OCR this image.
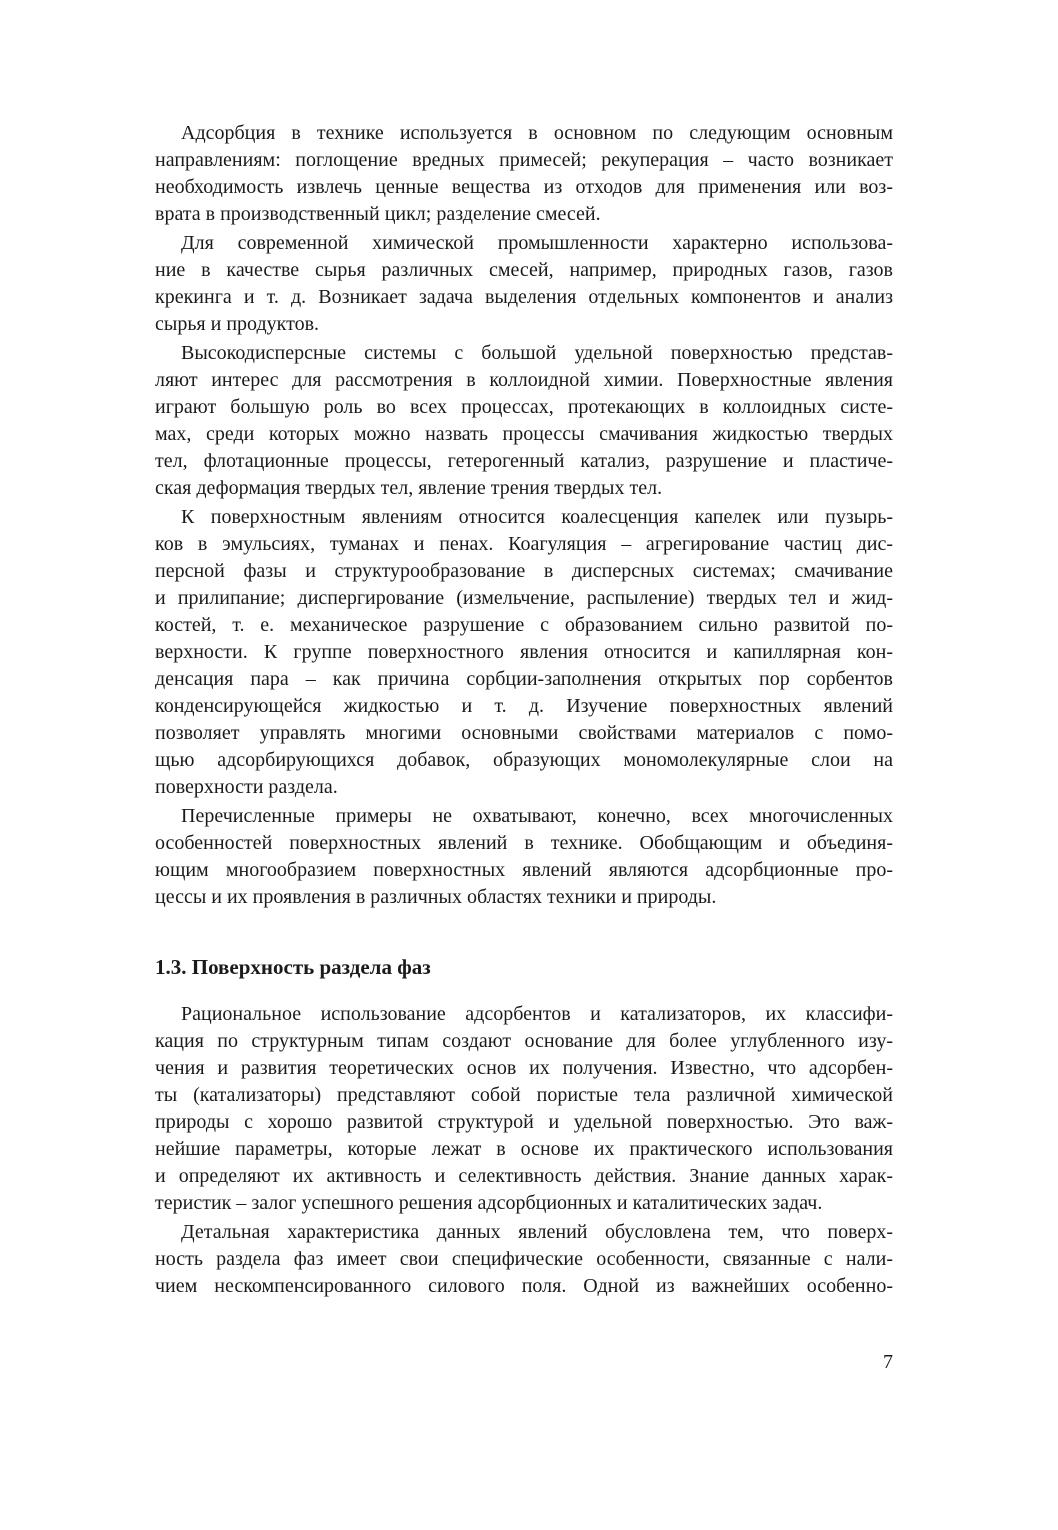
Адсорбция в технике используется в основном по следующим основным
направлениям: поглощение вредных примесей; рекуперация – часто возникает
необходимость извлечь ценные вещества из отходов для применения или воз-
врата в производственный цикл; разделение смесей.
Для современной химической промышленности характерно использова-
ние в качестве сырья различных смесей, например, природных газов, газов
крекинга и т. д. Возникает задача выделения отдельных компонентов и анализ
сырья и продуктов.
Высокодисперсные системы с большой удельной поверхностью представ-
ляют интерес для рассмотрения в коллоидной химии. Поверхностные явления
играют большую роль во всех процессах, протекающих в коллоидных систе-
мах, среди которых можно назвать процессы смачивания жидкостью твердых
тел, флотационные процессы, гетерогенный катализ, разрушение и пластиче-
ская деформация твердых тел, явление трения твердых тел.
К поверхностным явлениям относится коалесценция капелек или пузырь-
ков в эмульсиях, туманах и пенах. Коагуляция – агрегирование частиц дис-
персной фазы и структурообразование в дисперсных системах; смачивание
и прилипание; диспергирование (измельчение, распыление) твердых тел и жид-
костей, т. е. механическое разрушение с образованием сильно развитой по-
верхности. К группе поверхностного явления относится и капиллярная кон-
денсация пара – как причина сорбции-заполнения открытых пор сорбентов
конденсирующейся жидкостью и т. д. Изучение поверхностных явлений
позволяет управлять многими основными свойствами материалов с помо-
щью адсорбирующихся добавок, образующих мономолекулярные слои на
поверхности раздела.
Перечисленные примеры не охватывают, конечно, всех многочисленных
особенностей поверхностных явлений в технике. Обобщающим и объединя-
ющим многообразием поверхностных явлений являются адсорбционные про-
цессы и их проявления в различных областях техники и природы.
1.3. Поверхность раздела фаз
Рациональное использование адсорбентов и катализаторов, их классифи-
кация по структурным типам создают основание для более углубленного изу-
чения и развития теоретических основ их получения. Известно, что адсорбен-
ты (катализаторы) представляют собой пористые тела различной химической
природы с хорошо развитой структурой и удельной поверхностью. Это важ-
нейшие параметры, которые лежат в основе их практического использования
и определяют их активность и селективность действия. Знание данных харак-
теристик – залог успешного решения адсорбционных и каталитических задач.
Детальная характеристика данных явлений обусловлена тем, что поверх-
ность раздела фаз имеет свои специфические особенности, связанные с нали-
чием нескомпенсированного силового поля. Одной из важнейших особенно-
7
